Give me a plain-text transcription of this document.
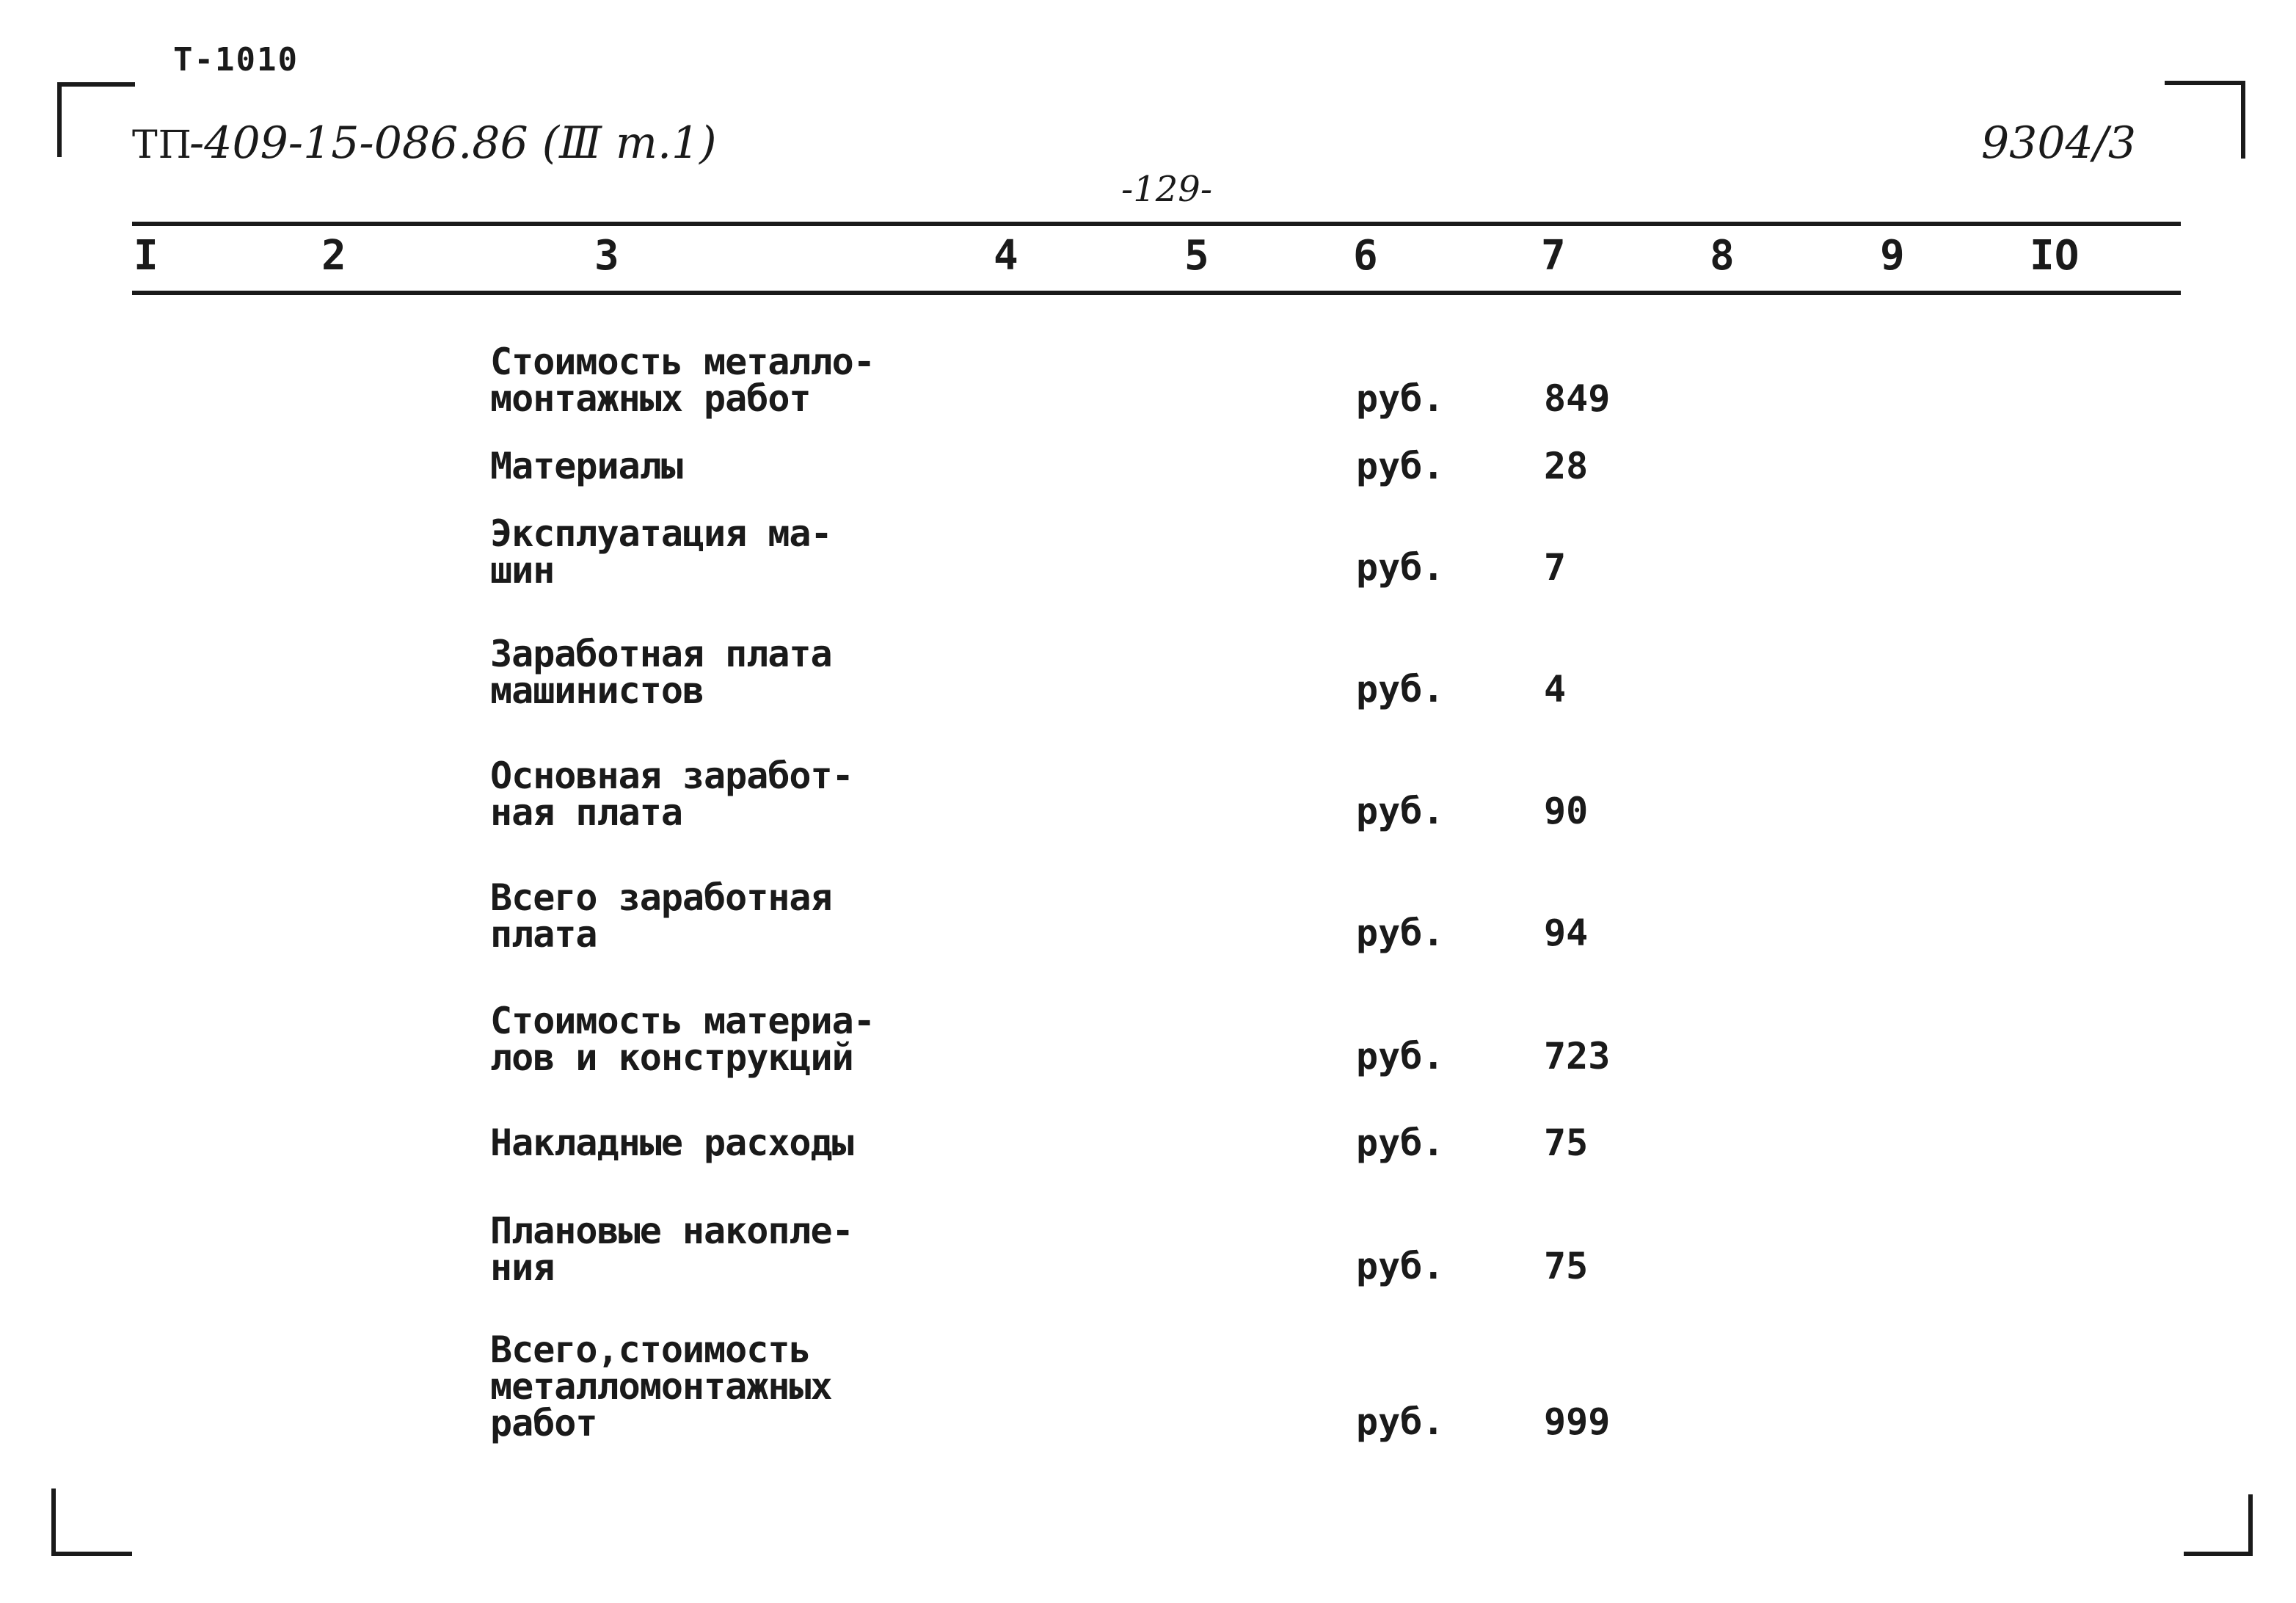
Т-1010
ТП
-409-15-086.86 (Ⅲ т.1)	9304/3
-129-
I	2	3	4	5	6	7	8	9	IO
Стоимость металло-
монтажных работ	руб.	849
Материалы	руб.	28
Эксплуатация ма-
шин	руб.	7
Заработная плата
машинистов	руб.	4
Основная заработ-
ная плата	руб.	90
Всего заработная
плата	руб.	94
Стоимость материа-
лов и конструкций	руб.	723
Накладные расходы	руб.	75
Плановые накопле-
ния	руб.	75
Всего,стоимость
металломонтажных
работ	руб.	999
